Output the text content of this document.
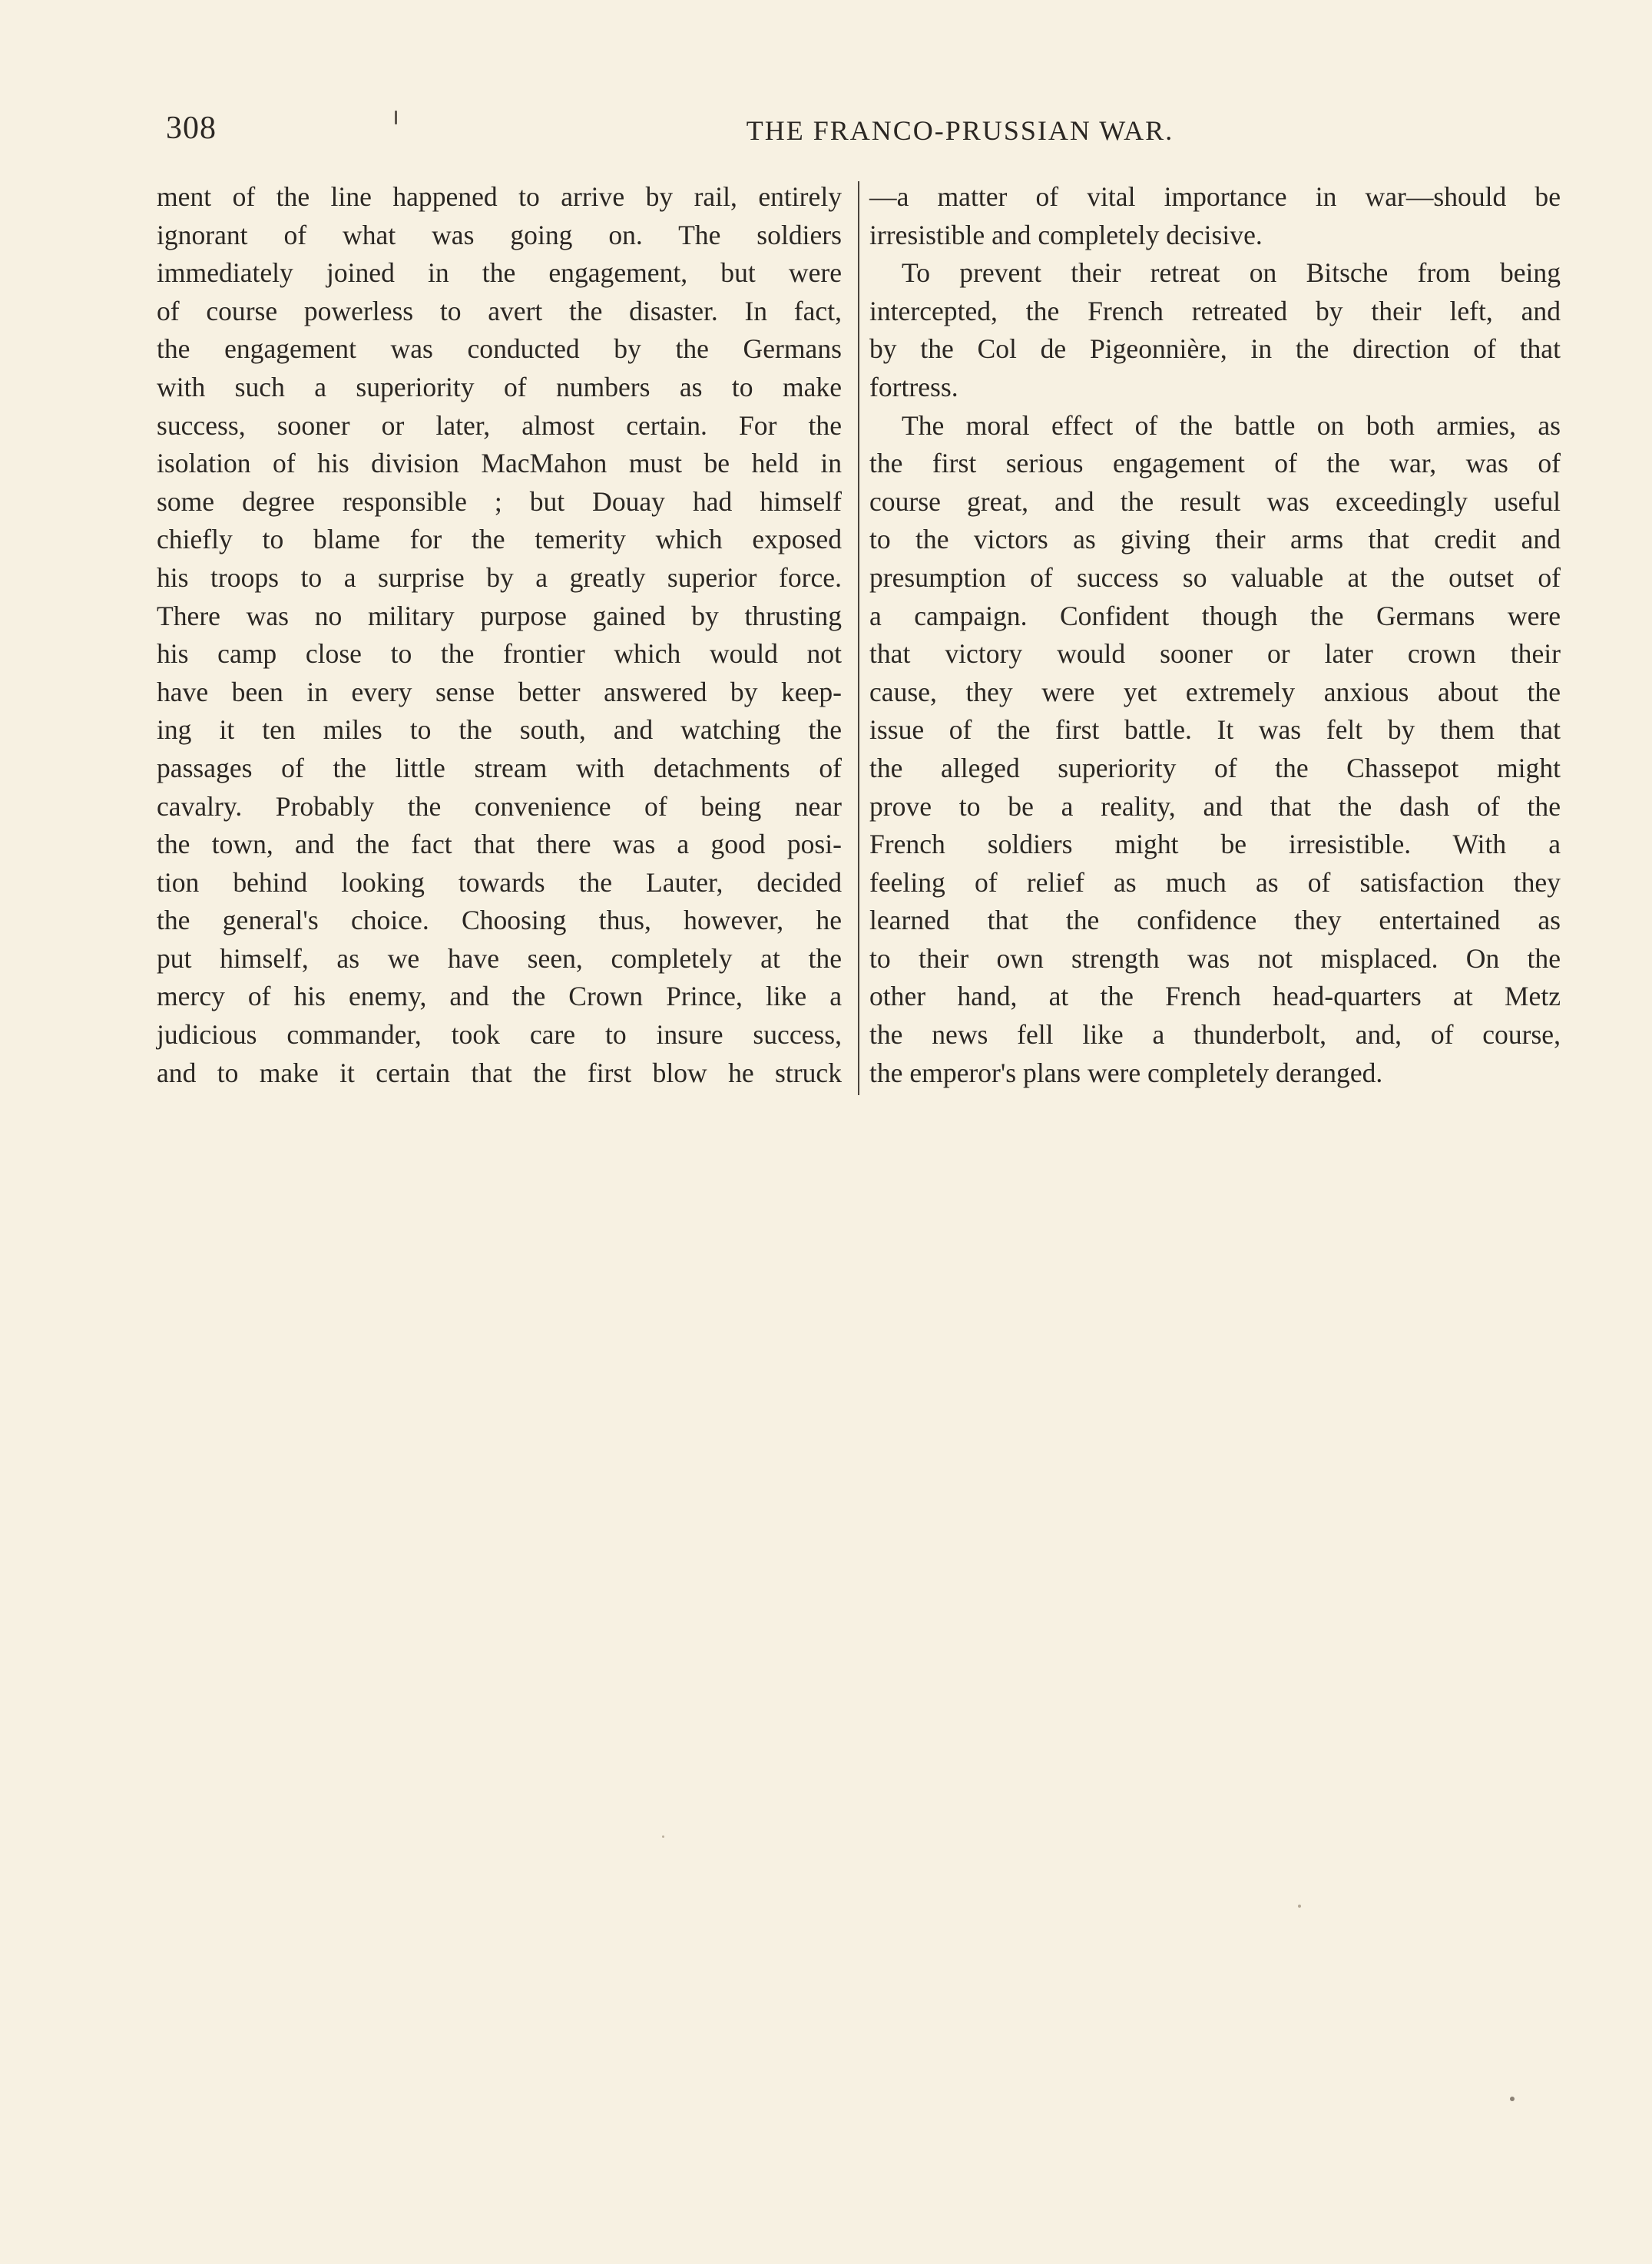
308	THE FRANCO-PRUSSIAN WAR.
ment of the line happened to arrive by rail, entirely
ignorant of what was going on. The soldiers
immediately joined in the engagement, but were
of course powerless to avert the disaster. In fact,
the engagement was conducted by the Germans
with such a superiority of numbers as to make
success, sooner or later, almost certain. For the
isolation of his division MacMahon must be held in
some degree responsible ; but Douay had himself
chiefly to blame for the temerity which exposed
his troops to a surprise by a greatly superior force.
There was no military purpose gained by thrusting
his camp close to the frontier which would not
have been in every sense better answered by keep-
ing it ten miles to the south, and watching the
passages of the little stream with detachments of
cavalry. Probably the convenience of being near
the town, and the fact that there was a good posi-
tion behind looking towards the Lauter, decided
the general's choice. Choosing thus, however, he
put himself, as we have seen, completely at the
mercy of his enemy, and the Crown Prince, like a
judicious commander, took care to insure success,
and to make it certain that the first blow he struck
—a matter of vital importance in war—should be
irresistible and completely decisive.
To prevent their retreat on Bitsche from being
intercepted, the French retreated by their left, and
by the Col de Pigeonnière, in the direction of that
fortress.
The moral effect of the battle on both armies, as
the first serious engagement of the war, was of
course great, and the result was exceedingly useful
to the victors as giving their arms that credit and
presumption of success so valuable at the outset of
a campaign. Confident though the Germans were
that victory would sooner or later crown their
cause, they were yet extremely anxious about the
issue of the first battle. It was felt by them that
the alleged superiority of the Chassepot might
prove to be a reality, and that the dash of the
French soldiers might be irresistible. With a
feeling of relief as much as of satisfaction they
learned that the confidence they entertained as
to their own strength was not misplaced. On the
other hand, at the French head-quarters at Metz
the news fell like a thunderbolt, and, of course,
the emperor's plans were completely deranged.
